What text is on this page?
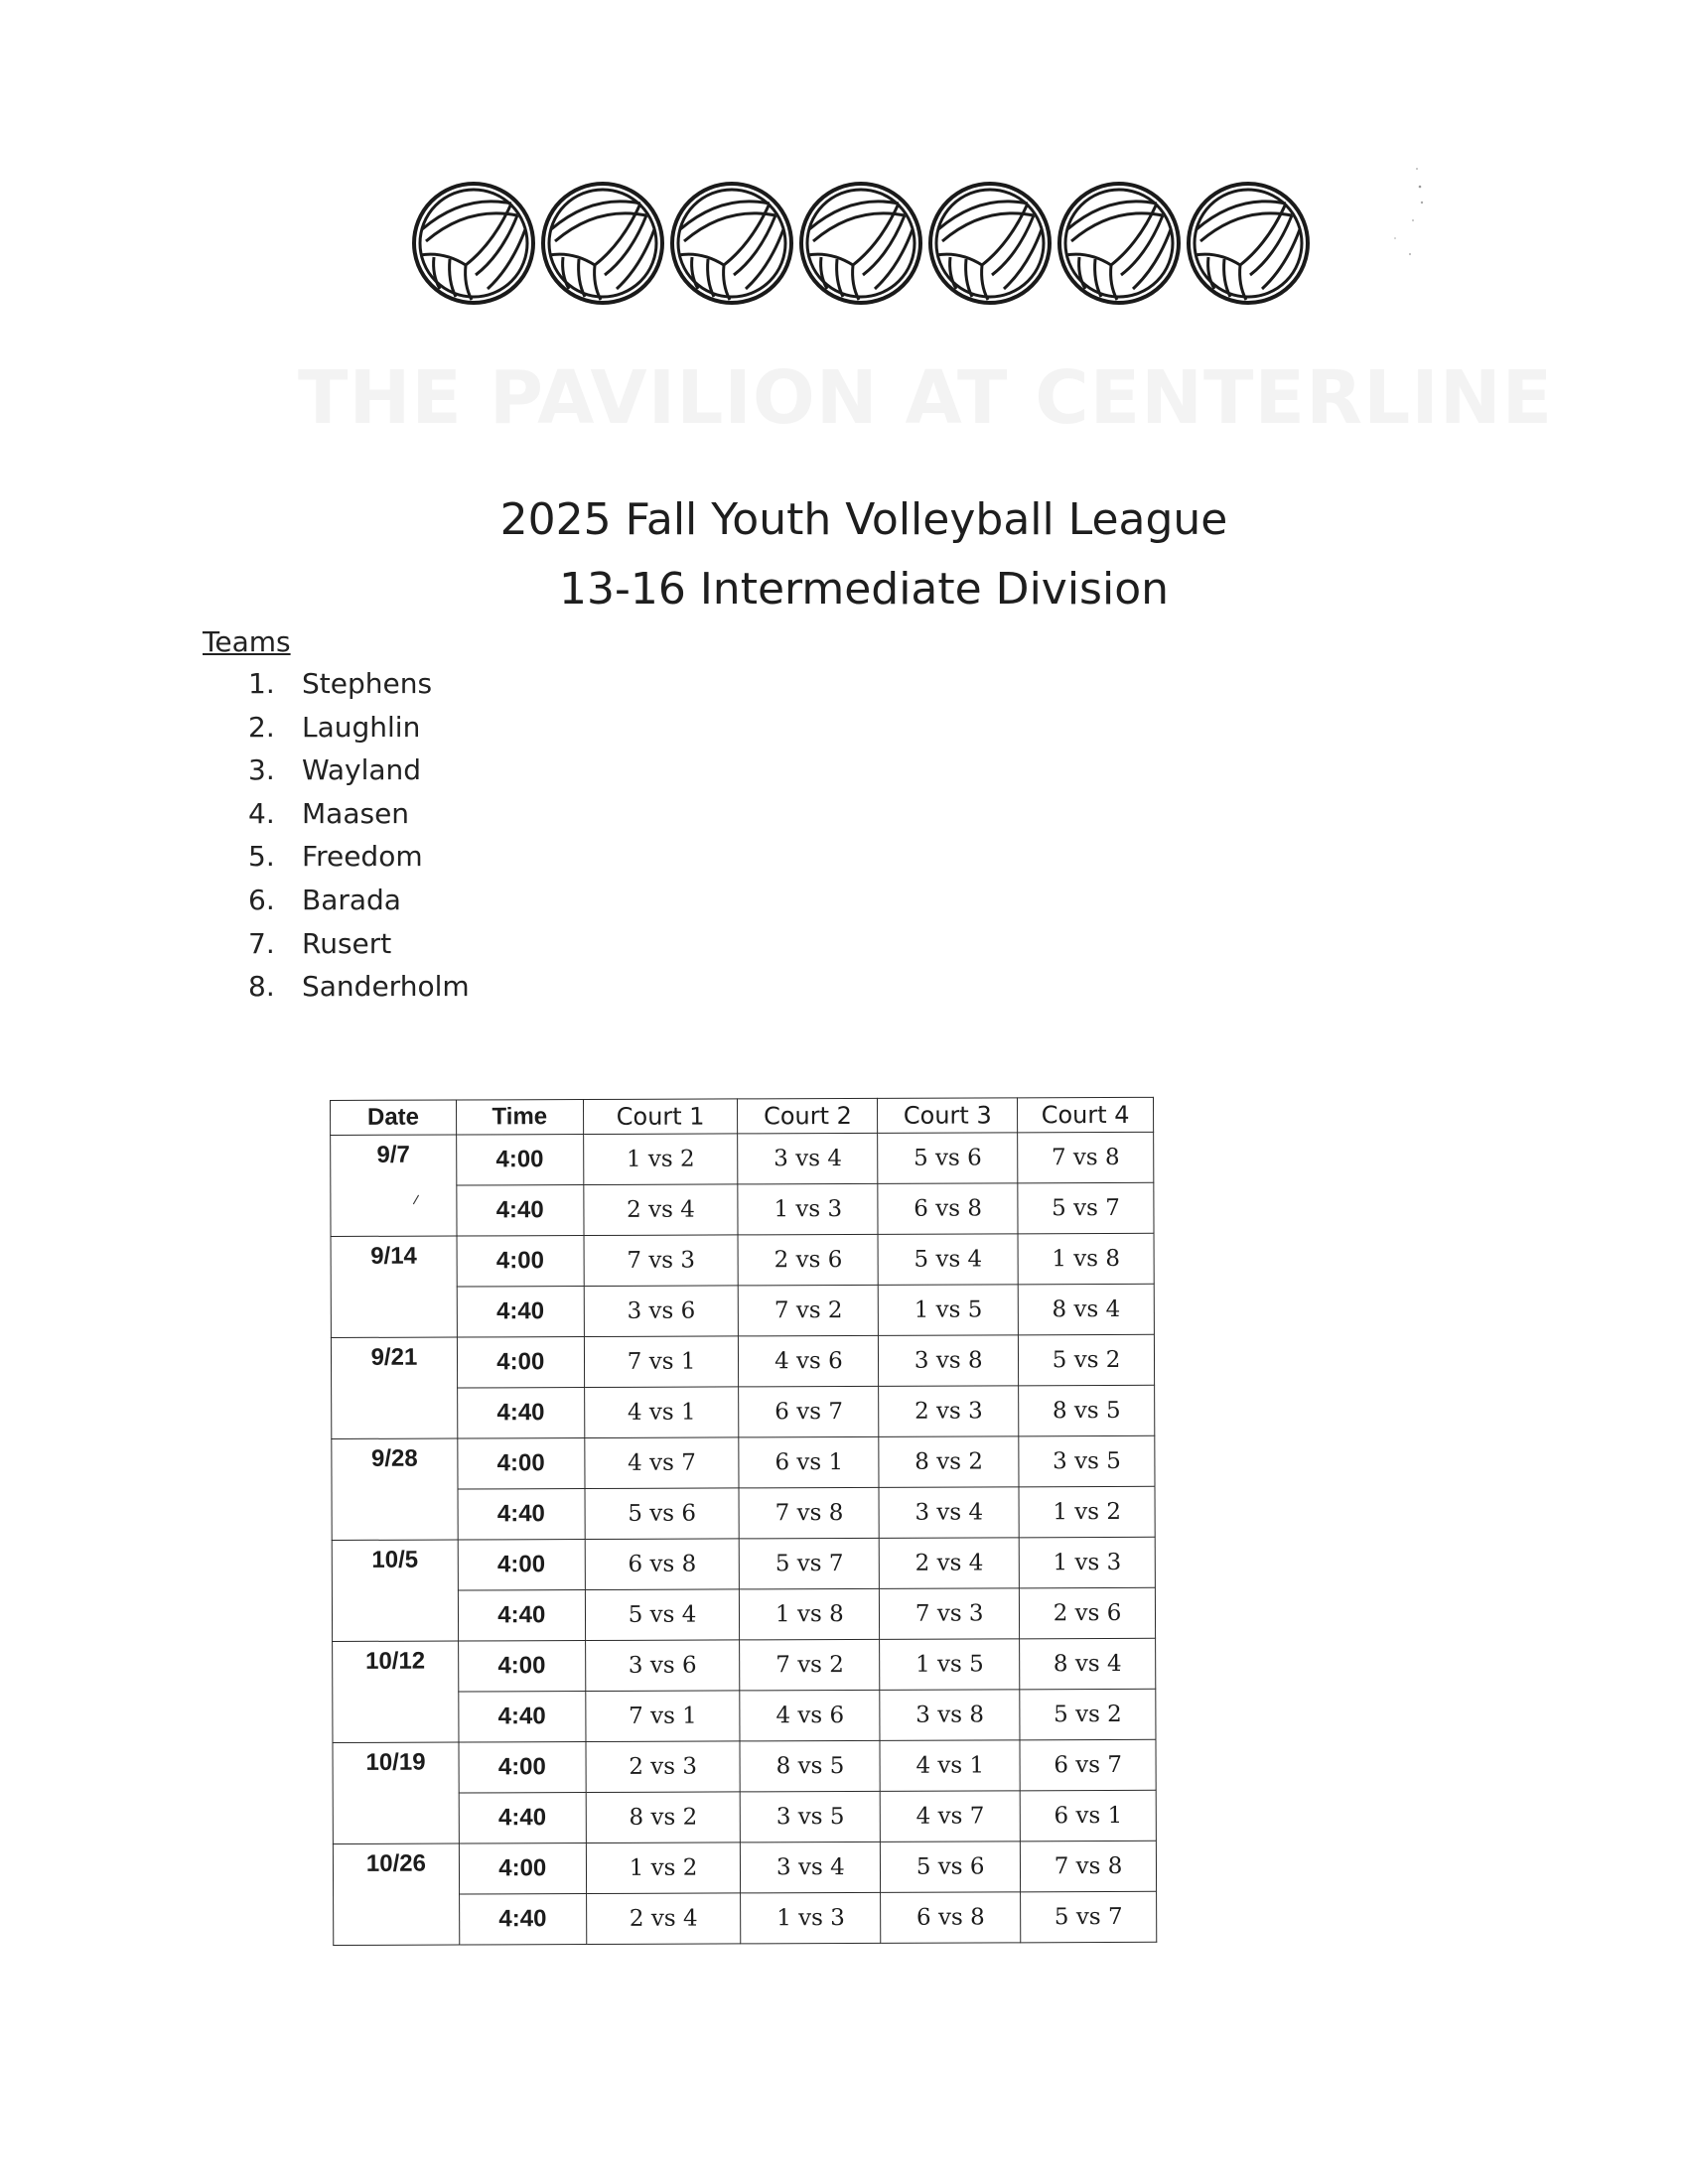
THE PAVILION AT CENTERLINE
2025 Fall Youth Volleyball League
13-16 Intermediate Division
Teams
1. Stephens
2. Laughlin
3. Wayland
4. Maasen
5. Freedom
6. Barada
7. Rusert
8. Sanderholm
Date	Time	Court 1	Court 2	Court 3	Court 4
9/7	4:00	1 vs 2	3 vs 4	5 vs 6	7 vs 8
	4:40	2 vs 4	1 vs 3	6 vs 8	5 vs 7
9/14	4:00	7 vs 3	2 vs 6	5 vs 4	1 vs 8
	4:40	3 vs 6	7 vs 2	1 vs 5	8 vs 4
9/21	4:00	7 vs 1	4 vs 6	3 vs 8	5 vs 2
	4:40	4 vs 1	6 vs 7	2 vs 3	8 vs 5
9/28	4:00	4 vs 7	6 vs 1	8 vs 2	3 vs 5
	4:40	5 vs 6	7 vs 8	3 vs 4	1 vs 2
10/5	4:00	6 vs 8	5 vs 7	2 vs 4	1 vs 3
	4:40	5 vs 4	1 vs 8	7 vs 3	2 vs 6
10/12	4:00	3 vs 6	7 vs 2	1 vs 5	8 vs 4
	4:40	7 vs 1	4 vs 6	3 vs 8	5 vs 2
10/19	4:00	2 vs 3	8 vs 5	4 vs 1	6 vs 7
	4:40	8 vs 2	3 vs 5	4 vs 7	6 vs 1
10/26	4:00	1 vs 2	3 vs 4	5 vs 6	7 vs 8
	4:40	2 vs 4	1 vs 3	6 vs 8	5 vs 7
⸝
